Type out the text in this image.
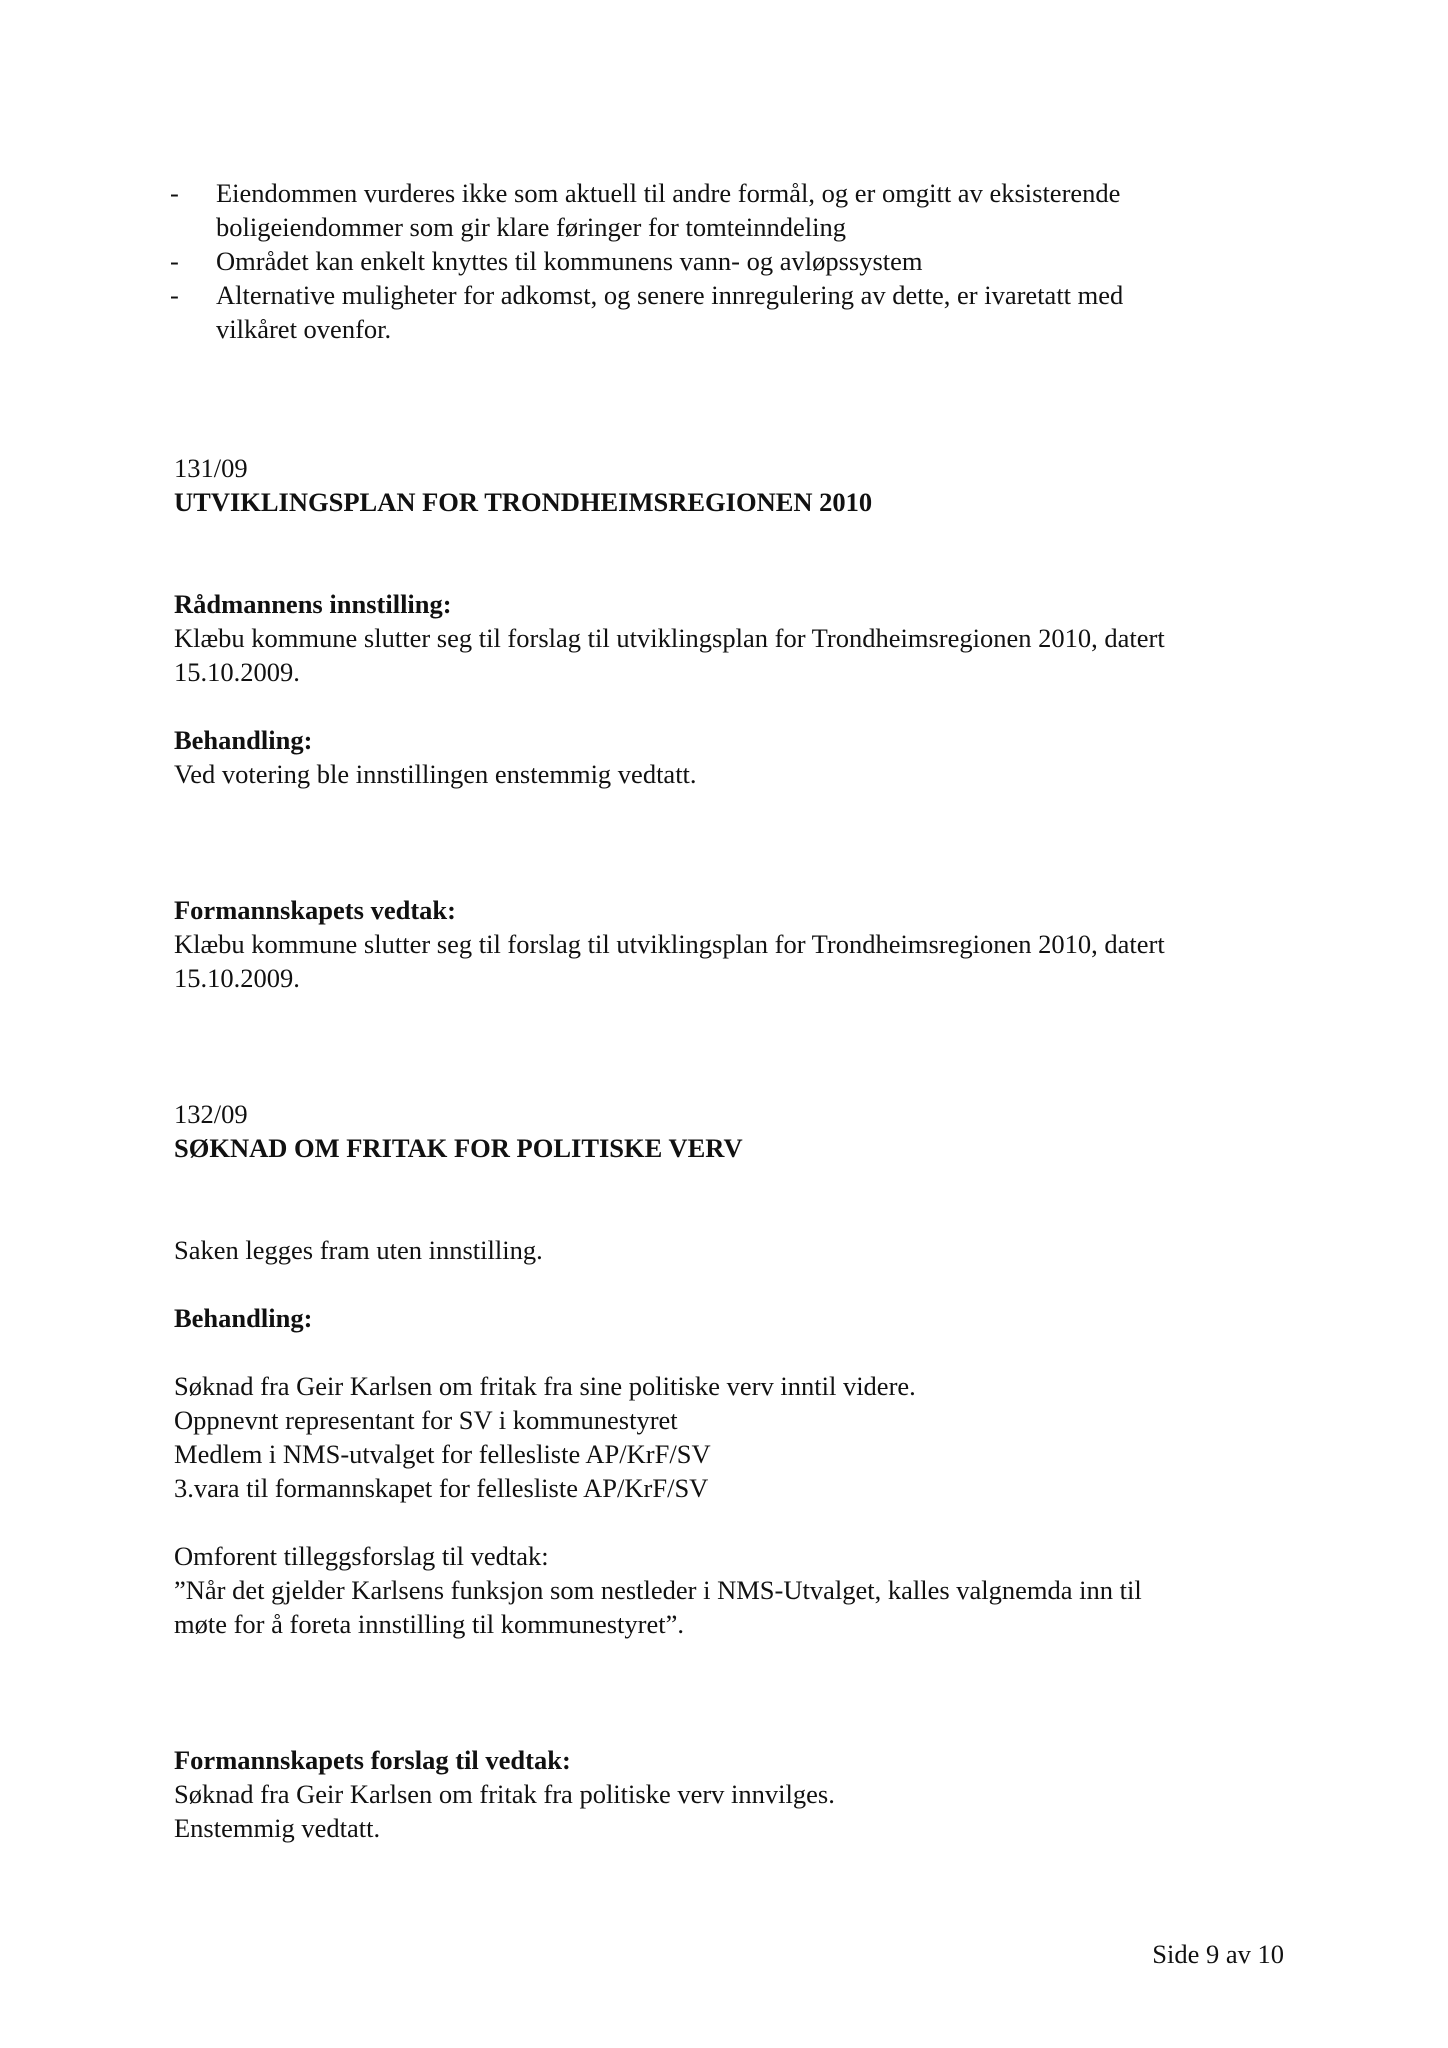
- Eiendommen vurderes ikke som aktuell til andre formål, og er omgitt av eksisterende

boligeiendommer som gir klare føringer for tomteinndeling

- Området kan enkelt knyttes til kommunens vann- og avløpssystem

- Alternative muligheter for adkomst, og senere innregulering av dette, er ivaretatt med

vilkåret ovenfor.

131/09

UTVIKLINGSPLAN FOR TRONDHEIMSREGIONEN 2010

Rådmannens innstilling:

Klæbu kommune slutter seg til forslag til utviklingsplan for Trondheimsregionen 2010, datert

15.10.2009.

Behandling:

Ved votering ble innstillingen enstemmig vedtatt.

Formannskapets vedtak:

Klæbu kommune slutter seg til forslag til utviklingsplan for Trondheimsregionen 2010, datert

15.10.2009.

132/09

SØKNAD OM FRITAK FOR POLITISKE VERV

Saken legges fram uten innstilling.

Behandling:

Søknad fra Geir Karlsen om fritak fra sine politiske verv inntil videre.

Oppnevnt representant for SV i kommunestyret

Medlem i NMS-utvalget for fellesliste AP/KrF/SV

3.vara til formannskapet for fellesliste AP/KrF/SV

Omforent tilleggsforslag til vedtak:

”Når det gjelder Karlsens funksjon som nestleder i NMS-Utvalget, kalles valgnemda inn til

møte for å foreta innstilling til kommunestyret”.

Formannskapets forslag til vedtak:

Søknad fra Geir Karlsen om fritak fra politiske verv innvilges.

Enstemmig vedtatt.

Side 9 av 10
